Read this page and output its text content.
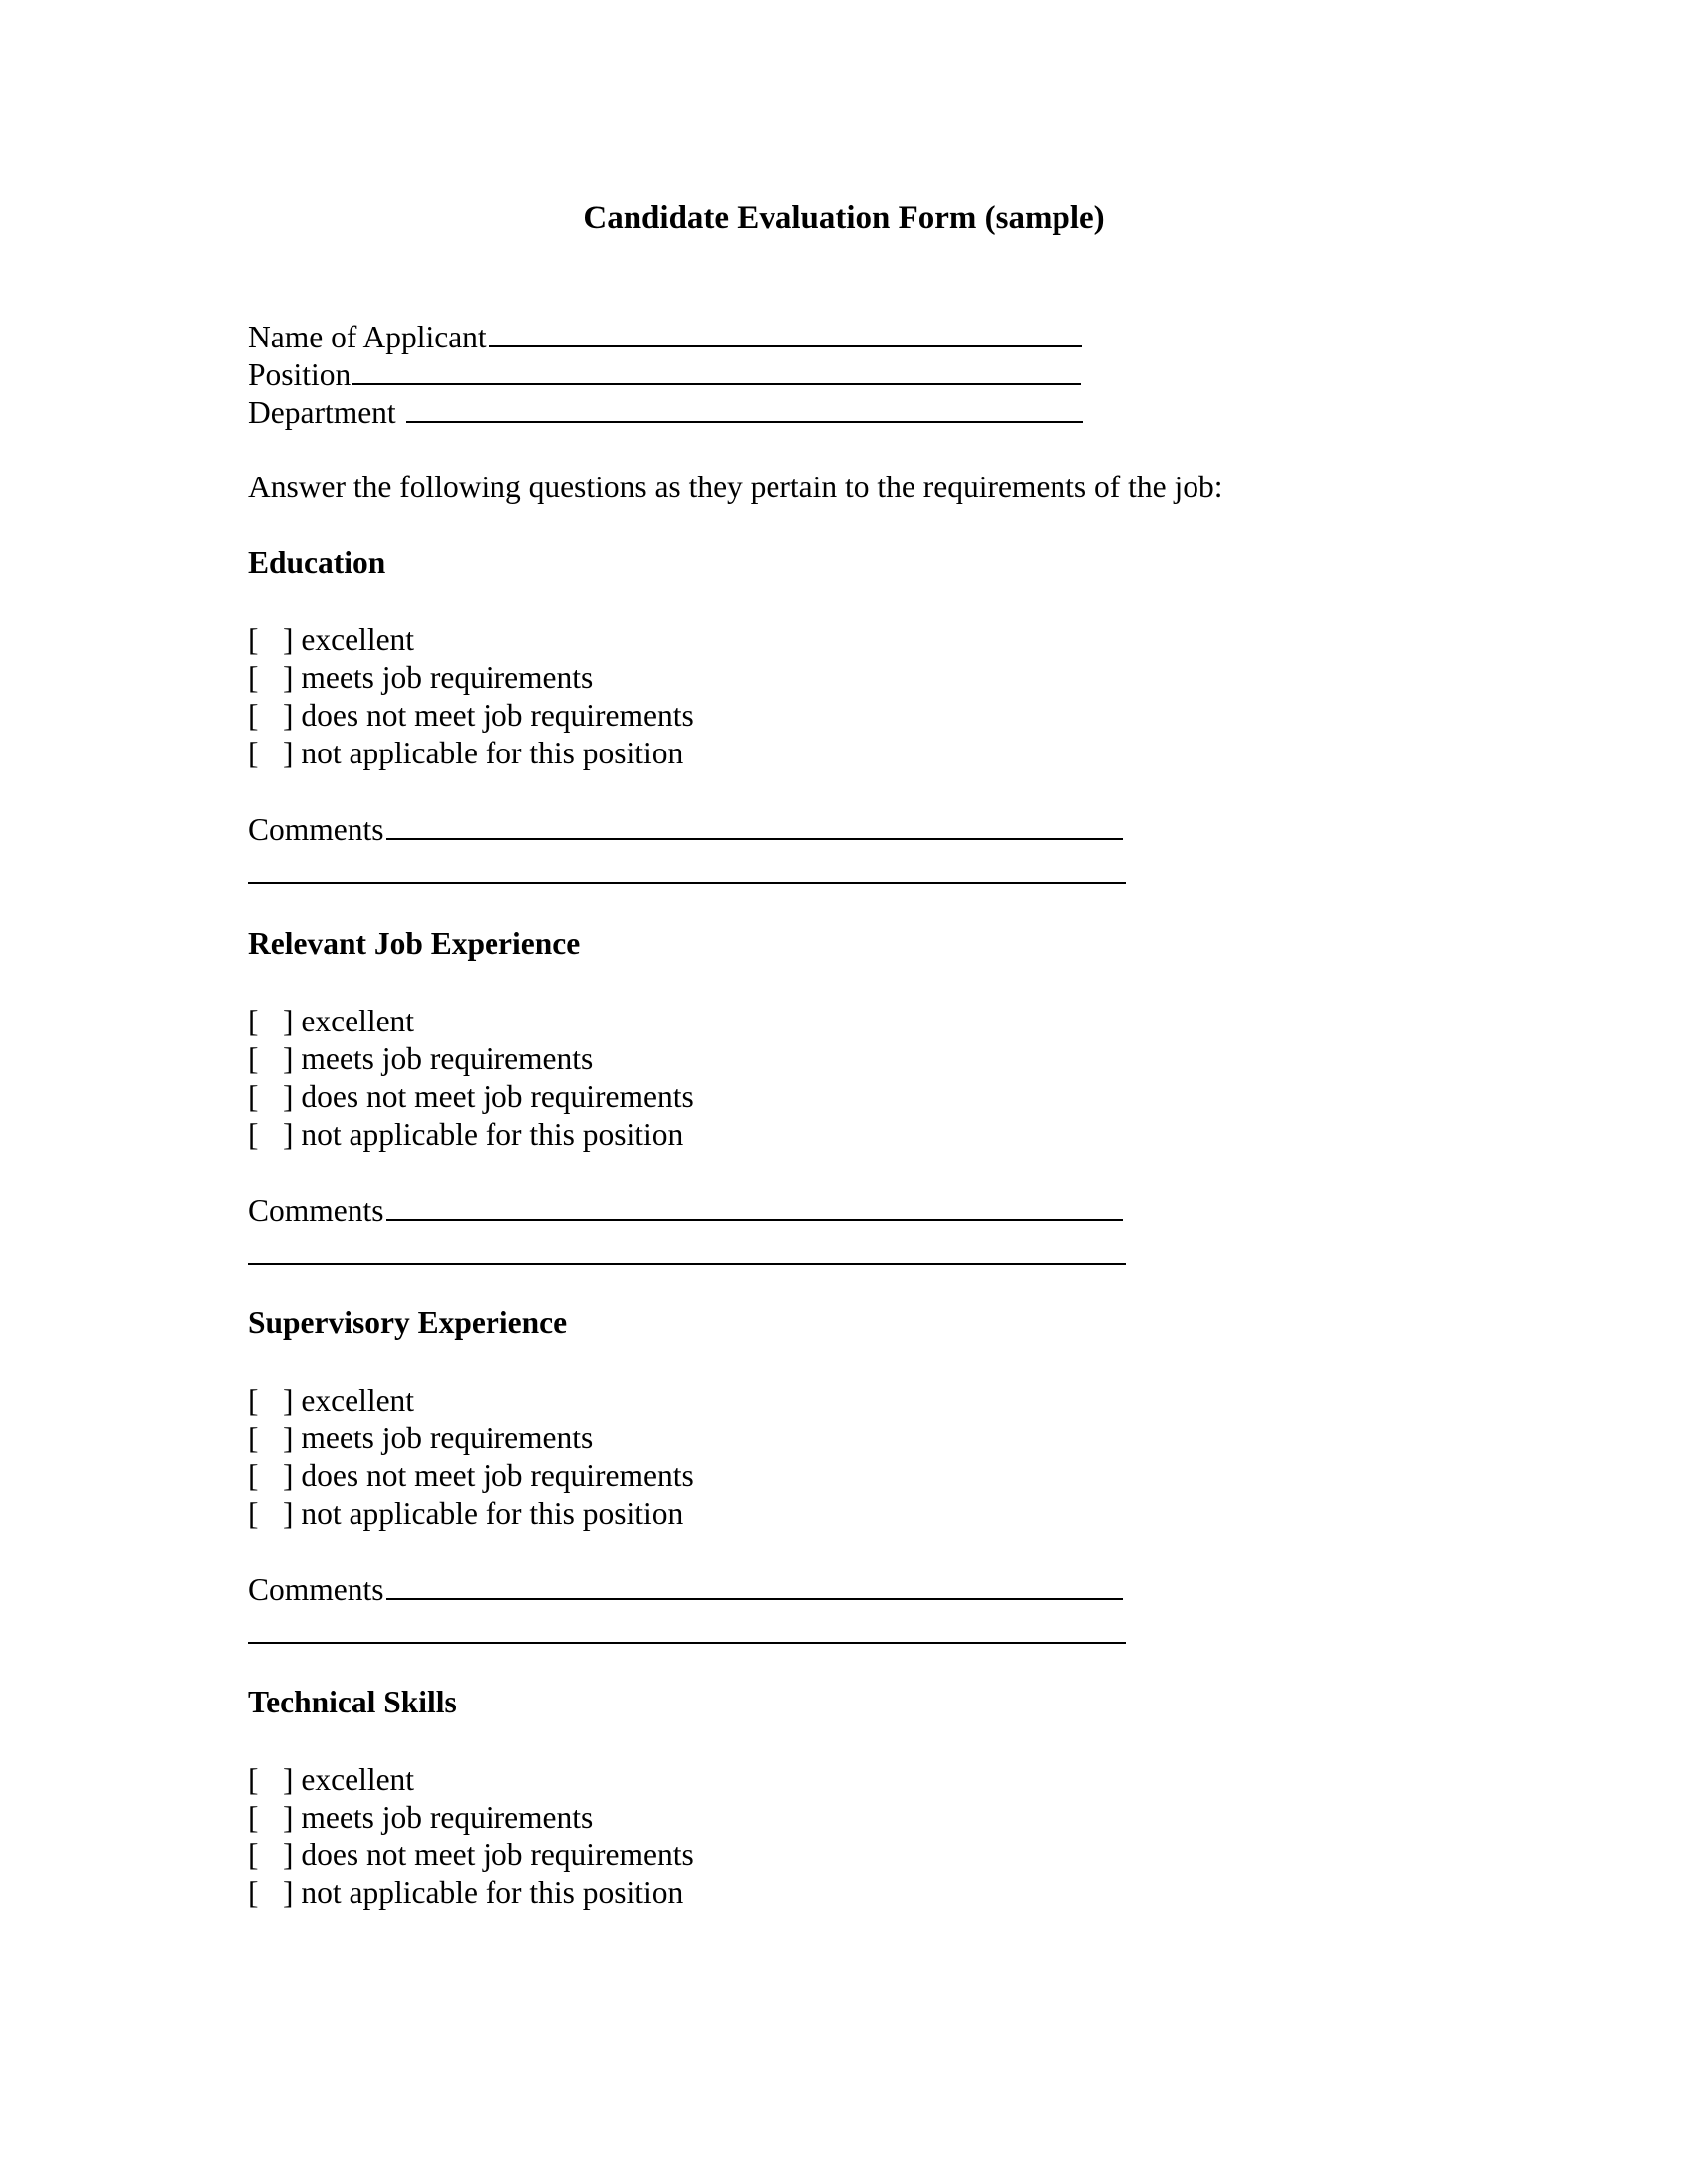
Candidate Evaluation Form (sample)
Name of Applicant
Position
Department
Answer the following questions as they pertain to the requirements of the job:
Education
[ ] excellent
[ ] meets job requirements
[ ] does not meet job requirements
[ ] not applicable for this position
Comments
Relevant Job Experience
[ ] excellent
[ ] meets job requirements
[ ] does not meet job requirements
[ ] not applicable for this position
Comments
Supervisory Experience
[ ] excellent
[ ] meets job requirements
[ ] does not meet job requirements
[ ] not applicable for this position
Comments
Technical Skills
[ ] excellent
[ ] meets job requirements
[ ] does not meet job requirements
[ ] not applicable for this position
